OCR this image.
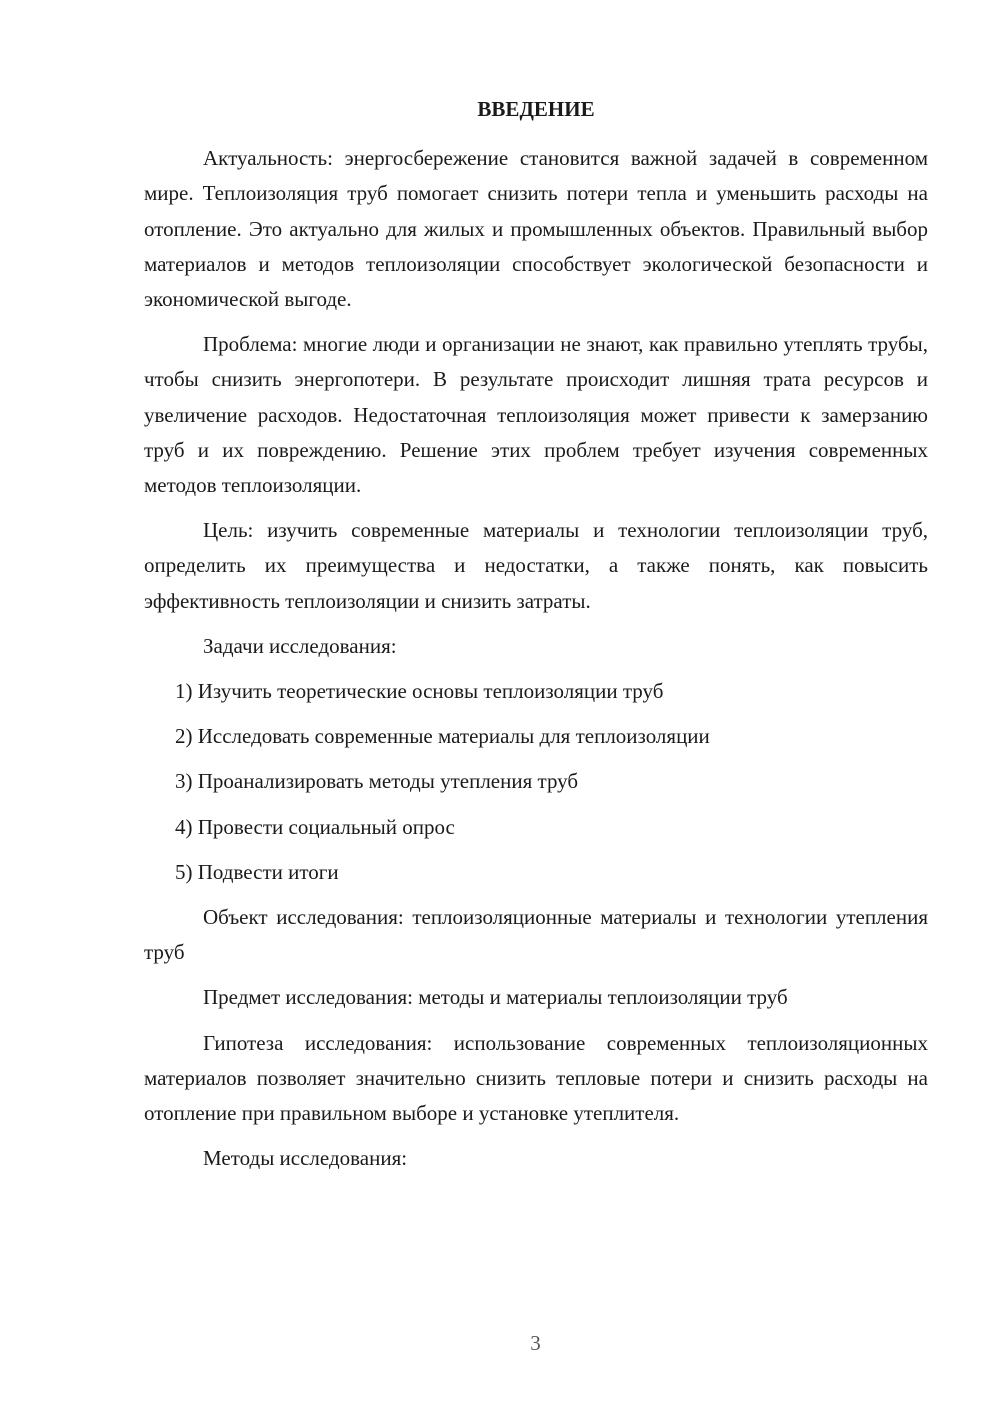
ВВЕДЕНИЕ

Актуальность: энергосбережение становится важной задачей в современном мире. Теплоизоляция труб помогает снизить потери тепла и уменьшить расходы на отопление. Это актуально для жилых и промышленных объектов. Правильный выбор материалов и методов теплоизоляции способствует экологической безопасности и экономической выгоде.

Проблема: многие люди и организации не знают, как правильно утеплять трубы, чтобы снизить энергопотери. В результате происходит лишняя трата ресурсов и увеличение расходов. Недостаточная теплоизоляция может привести к замерзанию труб и их повреждению. Решение этих проблем требует изучения современных методов теплоизоляции.

Цель: изучить современные материалы и технологии теплоизоляции труб, определить их преимущества и недостатки, а также понять, как повысить эффективность теплоизоляции и снизить затраты.

Задачи исследования:

1) Изучить теоретические основы теплоизоляции труб

2) Исследовать современные материалы для теплоизоляции

3) Проанализировать методы утепления труб

4) Провести социальный опрос

5) Подвести итоги

Объект исследования: теплоизоляционные материалы и технологии утепления труб

Предмет исследования: методы и материалы теплоизоляции труб

Гипотеза исследования: использование современных теплоизоляционных материалов позволяет значительно снизить тепловые потери и снизить расходы на отопление при правильном выборе и установке утеплителя.

Методы исследования:

3
